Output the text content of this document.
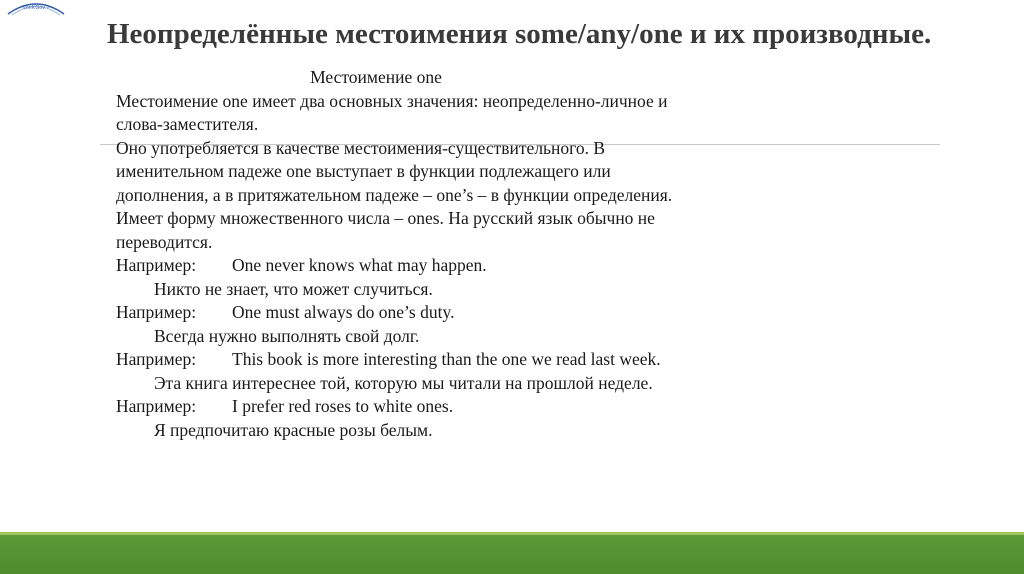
– VonKGov –
Неопределённые местоимения some/any/one и их производные.

Местоимение one

Местоимение one имеет два основных значения: неопределенно-личное и

слова-заместителя.

Оно употребляется в качестве местоимения-существительного. В

именительном падеже one выступает в функции подлежащего или

дополнения, а в притяжательном падеже – one’s – в функции определения.

Имеет форму множественного числа – ones. На русский язык обычно не

переводится.

Например:	One never knows what may happen.

Никто не знает, что может случиться.

Например:	One must always do one’s duty.

Всегда нужно выполнять свой долг.

Например:	This book is more interesting than the one we read last week.

Эта книга интереснее той, которую мы читали на прошлой неделе.

Например:	I prefer red roses to white ones.

Я предпочитаю красные розы белым.
